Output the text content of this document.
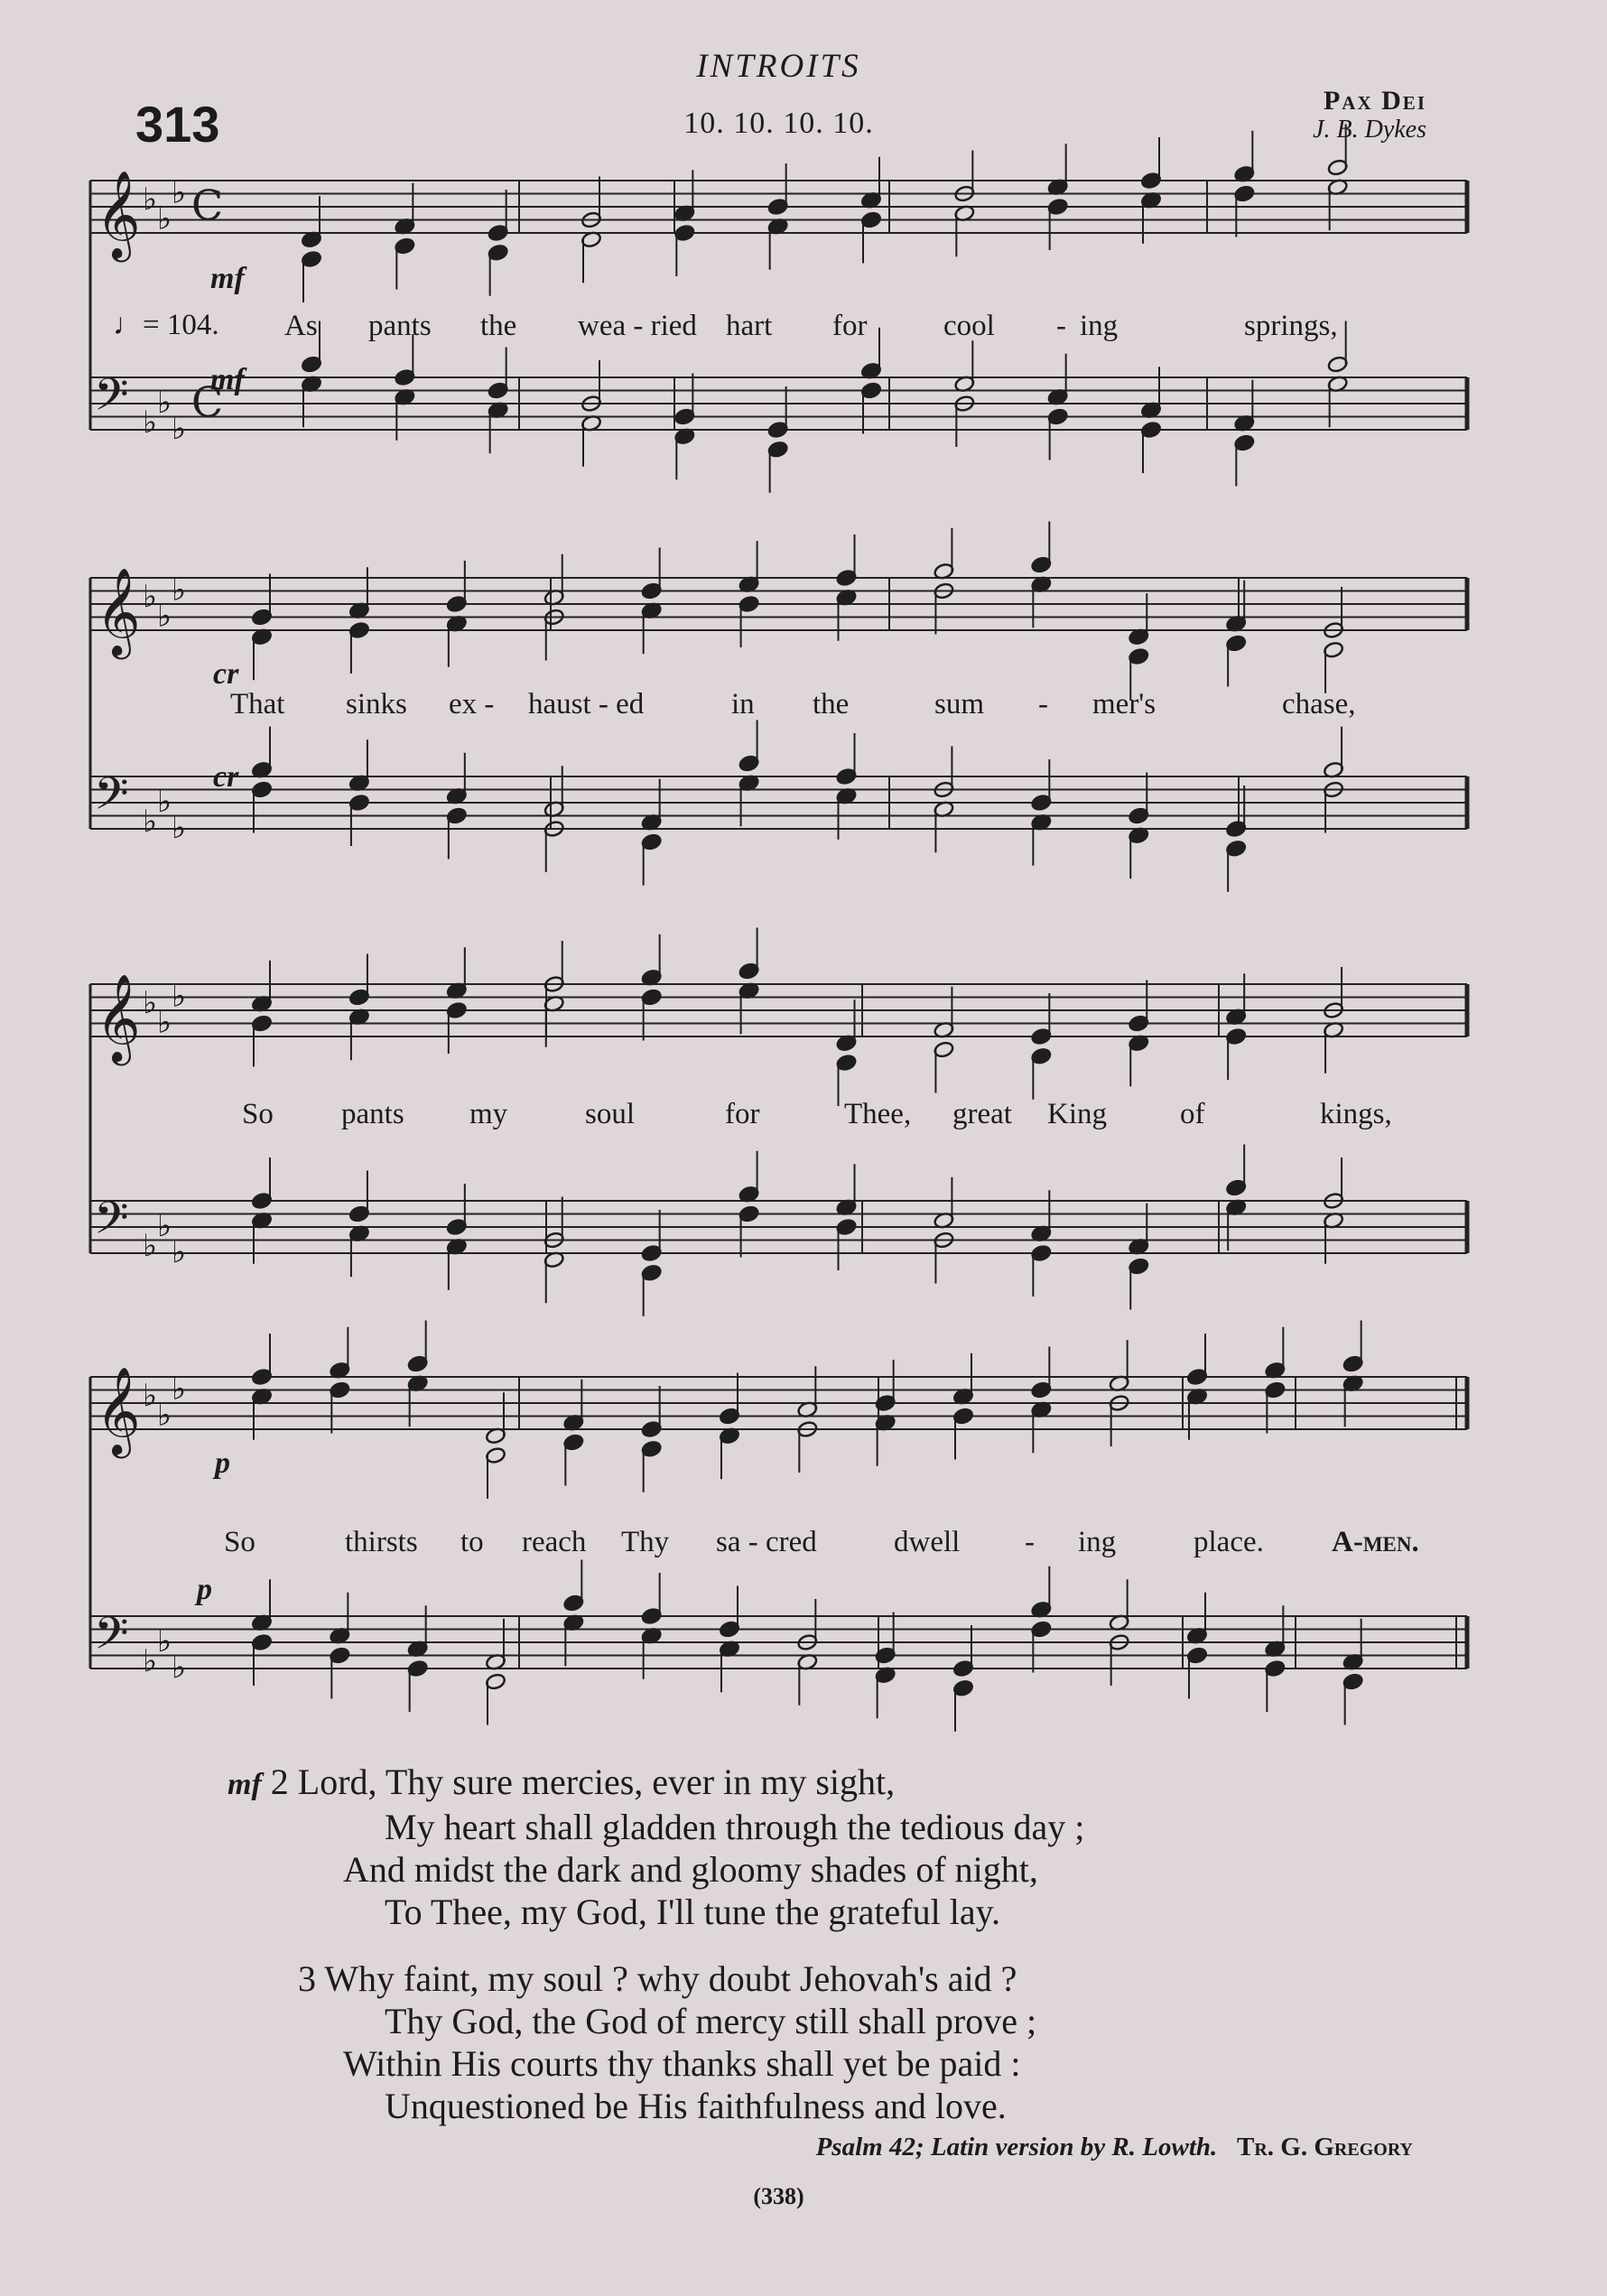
INTROITS
313	10. 10. 10. 10.
Pax Dei
J. B. Dykes
𝄞 ♭
♭
♭ C
𝄢 ♭
♭
♭
C
𝄞 ♭
♭
♭
𝄢 ♭
♭
♭
𝄞 ♭
♭
♭
𝄢 ♭
♭
♭
𝄞 ♭
♭
♭
𝄢 ♭
♭
♭
♩= 104.
mf
mf
cr
cr
p
p
As pants the wea - ried hart for	cool - ing	springs,
That sinks ex - haust - ed	in the	sum - mer's	chase,
So pants my	soul	for	Thee, great King of	kings,
So	thirsts to reach Thy sa - cred	dwell - ing	place. A-men.
mf 2 Lord, Thy sure mercies, ever in my sight,
My heart shall gladden through the tedious day ;
And midst the dark and gloomy shades of night,
To Thee, my God, I'll tune the grateful lay.
3 Why faint, my soul ? why doubt Jehovah's aid ?
Thy God, the God of mercy still shall prove ;
Within His courts thy thanks shall yet be paid :
Unquestioned be His faithfulness and love.
Psalm 42; Latin version by R. Lowth. Tr. G. Gregory
(338)
